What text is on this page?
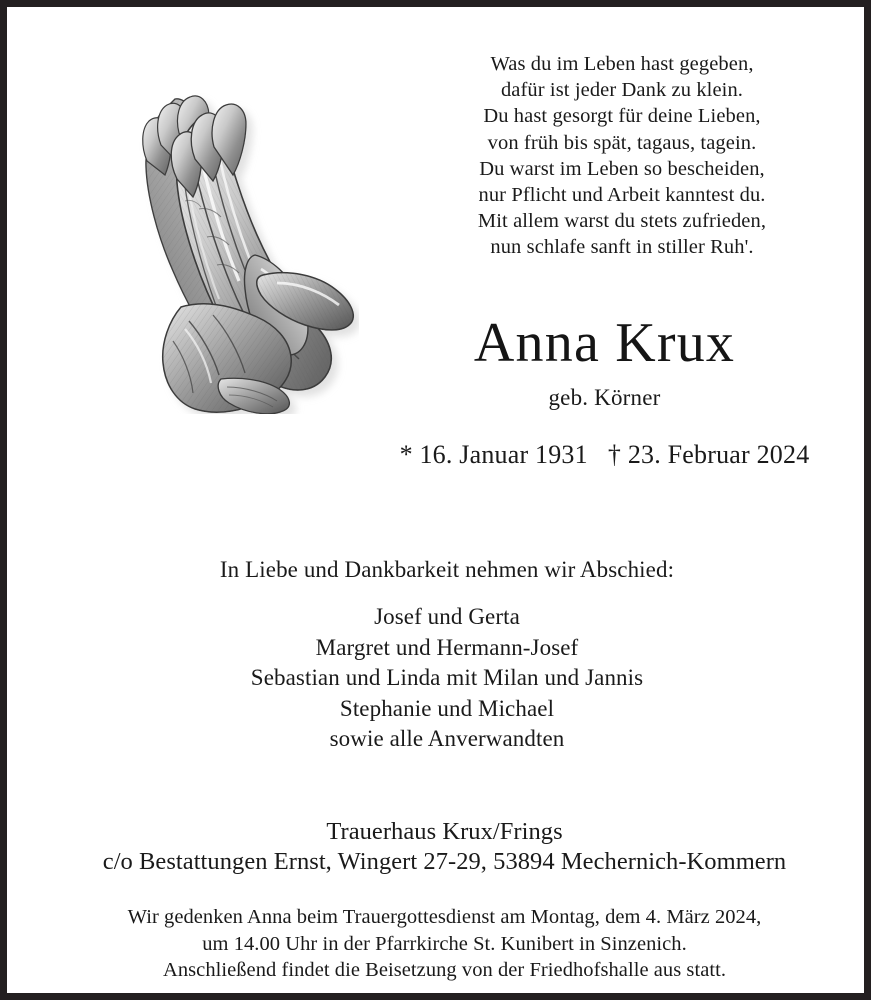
Was du im Leben hast gegeben,
dafür ist jeder Dank zu klein.
Du hast gesorgt für deine Lieben,
von früh bis spät, tagaus, tagein.
Du warst im Leben so bescheiden,
nur Pflicht und Arbeit kanntest du.
Mit allem warst du stets zufrieden,
nun schlafe sanft in stiller Ruh'.
Anna Krux
geb. Körner
* 16. Januar 1931   † 23. Februar 2024
In Liebe und Dankbarkeit nehmen wir Abschied:
Josef und Gerta
Margret und Hermann-Josef
Sebastian und Linda mit Milan und Jannis
Stephanie und Michael
sowie alle Anverwandten
Trauerhaus Krux/Frings
c/o Bestattungen Ernst, Wingert 27-29, 53894 Mechernich-Kommern
Wir gedenken Anna beim Trauergottesdienst am Montag, dem 4. März 2024,
um 14.00 Uhr in der Pfarrkirche St. Kunibert in Sinzenich.
Anschließend findet die Beisetzung von der Friedhofshalle aus statt.
